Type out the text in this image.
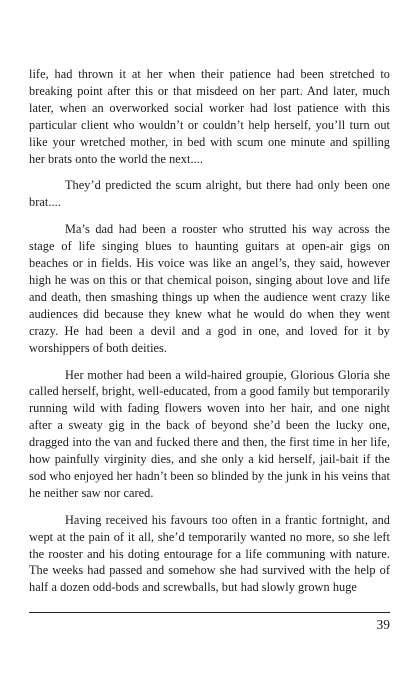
life, had thrown it at her when their patience had been stretched to breaking point after this or that misdeed on her part. And later, much later, when an overworked social worker had lost patience with this particular client who wouldn’t or couldn’t help herself, you’ll turn out like your wretched mother, in bed with scum one minute and spilling her brats onto the world the next....

They’d predicted the scum alright, but there had only been one brat....

Ma’s dad had been a rooster who strutted his way across the stage of life singing blues to haunting guitars at open-air gigs on beaches or in fields. His voice was like an angel’s, they said, however high he was on this or that chemical poison, singing about love and life and death, then smashing things up when the audience went crazy like audiences did because they knew what he would do when they went crazy. He had been a devil and a god in one, and loved for it by worshippers of both deities.

Her mother had been a wild-haired groupie, Glorious Gloria she called herself, bright, well-educated, from a good family but temporarily running wild with fading flowers woven into her hair, and one night after a sweaty gig in the back of beyond she’d been the lucky one, dragged into the van and fucked there and then, the first time in her life, how painfully virginity dies, and she only a kid herself, jail-bait if the sod who enjoyed her hadn’t been so blinded by the junk in his veins that he neither saw nor cared.

Having received his favours too often in a frantic fortnight, and wept at the pain of it all, she’d temporarily wanted no more, so she left the rooster and his doting entourage for a life communing with nature. The weeks had passed and somehow she had survived with the help of half a dozen odd-bods and screwballs, but had slowly grown huge

39
